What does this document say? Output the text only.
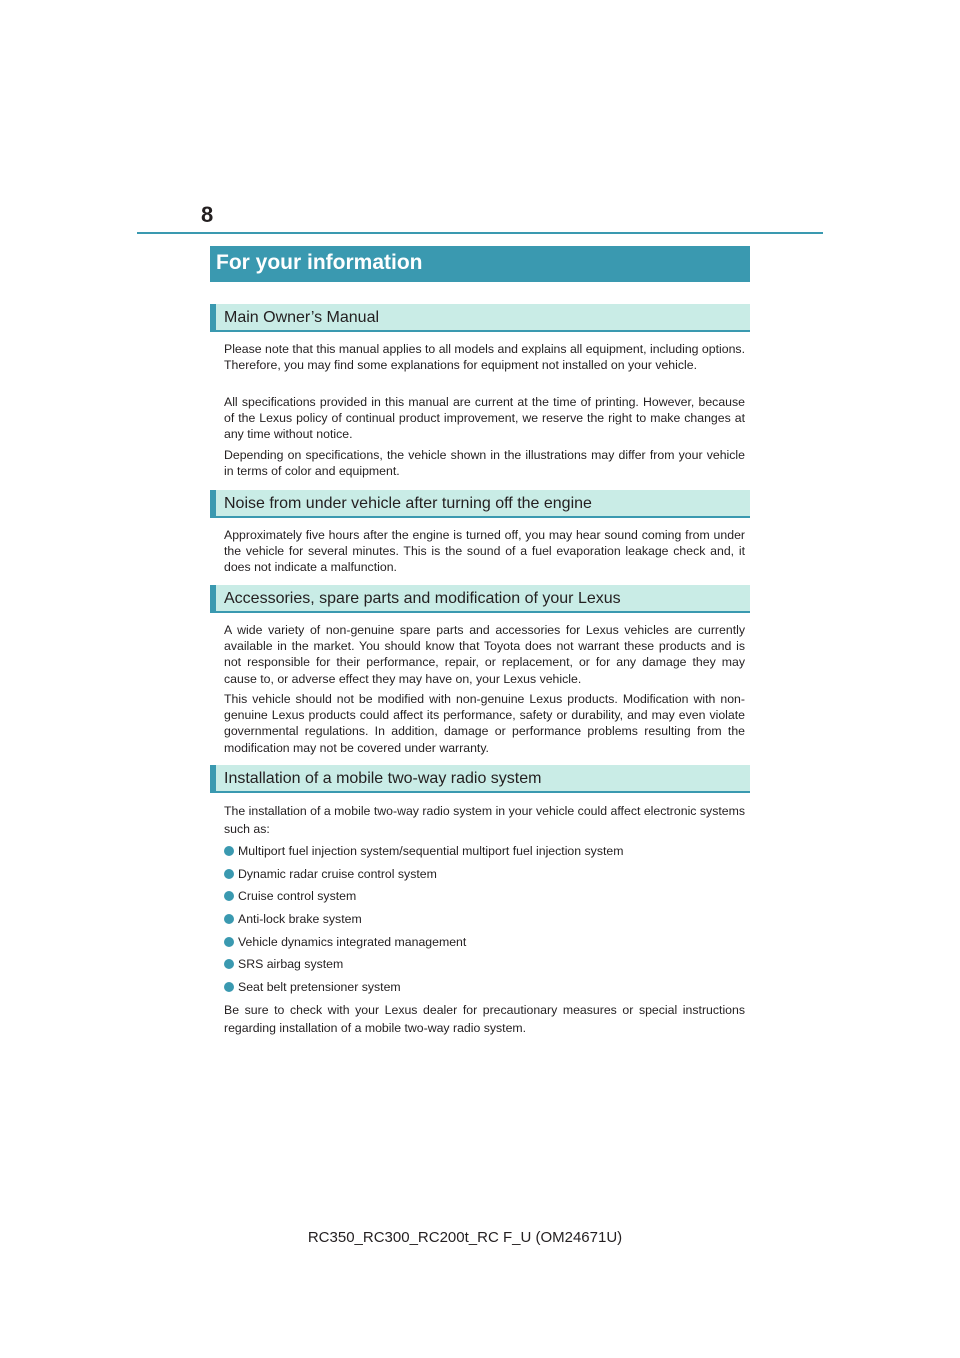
8
For your information
Main Owner’s Manual

Please note that this manual applies to all models and explains all equipment, including options. Therefore, you may find some explanations for equipment not installed on your vehicle.

All specifications provided in this manual are current at the time of printing. However, because of the Lexus policy of continual product improvement, we reserve the right to make changes at any time without notice.

Depending on specifications, the vehicle shown in the illustrations may differ from your vehicle in terms of color and equipment.

Noise from under vehicle after turning off the engine

Approximately five hours after the engine is turned off, you may hear sound coming from under the vehicle for several minutes. This is the sound of a fuel evaporation leakage check and, it does not indicate a malfunction.

Accessories, spare parts and modification of your Lexus

A wide variety of non-genuine spare parts and accessories for Lexus vehicles are currently available in the market. You should know that Toyota does not warrant these products and is not responsible for their performance, repair, or replacement, or for any damage they may cause to, or adverse effect they may have on, your Lexus vehicle.

This vehicle should not be modified with non-genuine Lexus products. Modification with non-genuine Lexus products could affect its performance, safety or durability, and may even violate governmental regulations. In addition, damage or performance problems resulting from the modification may not be covered under warranty.

Installation of a mobile two-way radio system

The installation of a mobile two-way radio system in your vehicle could affect electronic systems such as:

Multiport fuel injection system/sequential multiport fuel injection system
Dynamic radar cruise control system
Cruise control system
Anti-lock brake system
Vehicle dynamics integrated management
SRS airbag system
Seat belt pretensioner system

Be sure to check with your Lexus dealer for precautionary measures or special instructions regarding installation of a mobile two-way radio system.

RC350_RC300_RC200t_RC F_U (OM24671U)
